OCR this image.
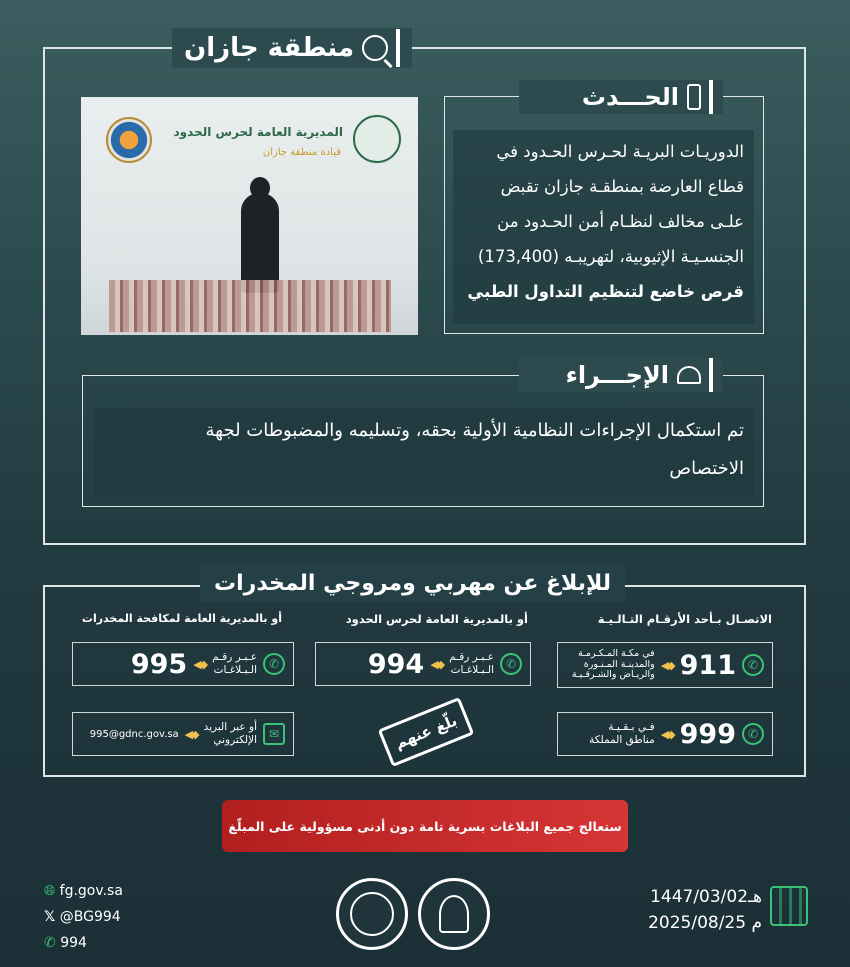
منطقة جازان
المديرية العامة لحرس الحدود
قيادة منطقة جازان
الحـــدث
الدوريـات البريـة لحـرس الحـدود في
قطاع العارضة بمنطقـة جازان تقبض
علـى مخالف لنظـام أمن الحـدود من
الجنسـيـة الإثيوبية، لتهريبـه (173,400)
قرص خاضع لتنظيم التداول الطبي
الإجـــراء
تم استكمال الإجراءات النظامية الأولية بحقه، وتسليمه والمضبوطات لجهة
الاختصاص
للإبلاغ عن مهربي ومروجي المخدرات
الاتصـال بـأحد الأرقـام التـالـيـة
أو بالمديرية العامة لحرس الحدود
أو بالمديرية العامة لمكافحة المخدرات
✆
911
◆◀
في مكـة المـكـرمـة
والمدينـة المـنـورة
والريـاض والشـرقـيـة
✆
999
◆◀
فـي بـقـيـة
مناطق المملكة
✆
عـبـر رقـم
الـبـلاغـات
◆◀
994
✆
عـبـر رقـم
الـبـلاغـات
◆◀
995
✉
أو عبر البريد
الإلكتروني
◆◀
995@gdnc.gov.sa	بلّغ عنهم
ستعالج جميع البلاغات بسرية تامة دون أدنى مسؤولية على المبلّغ
🌐︎ fg.gov.sa
𝕏 @BG994
✆ 994
1447/03/02هـ
2025/08/25 م
